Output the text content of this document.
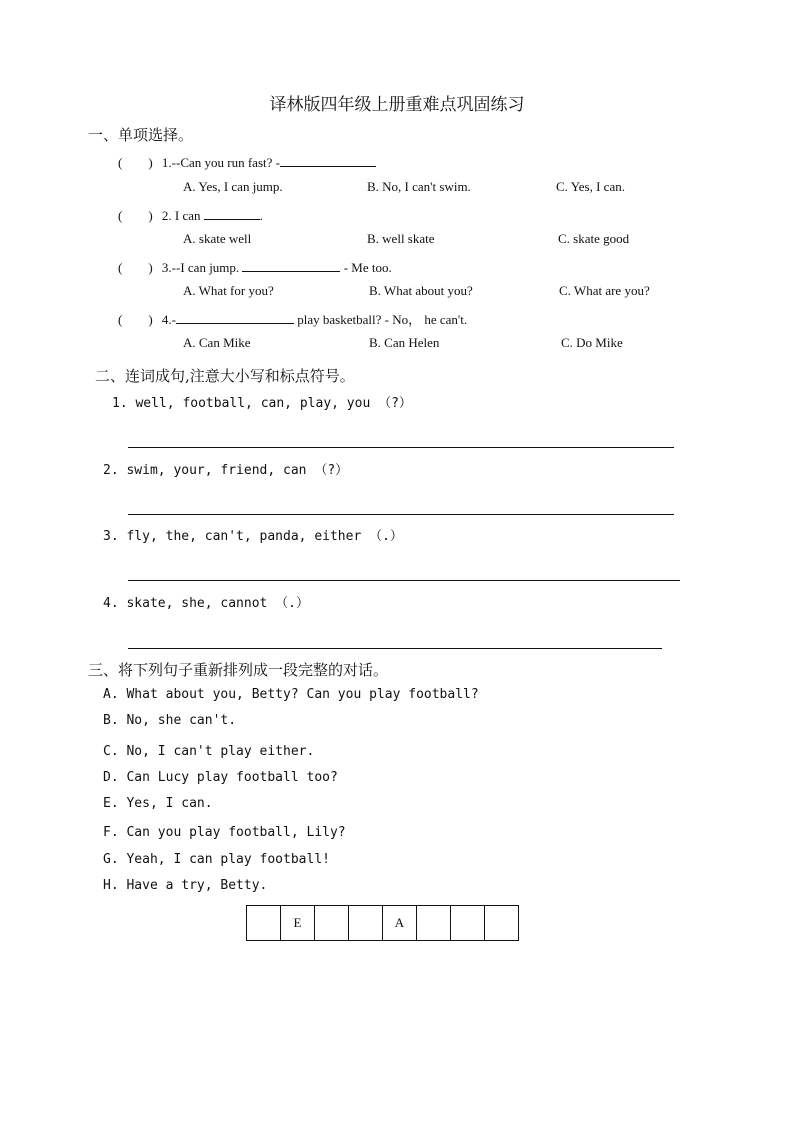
译林版四年级上册重难点巩固练习
一、单项选择。
(　　) 1.--Can you run fast? -
A. Yes, I can jump.	B. No, I can't swim.	C. Yes, I can.
(　　) 2. I can	.
A. skate well	B. well skate	C. skate good
(　　) 3.--I can jump.	- Me too.
A. What for you?	B. What about you?	C. What are you?
(　　) 4.-	play basketball? - No， he can't.
A. Can Mike	B. Can Helen	C. Do Mike
二、连词成句,注意大小写和标点符号。
1. well, football, can, play, you （?）
2. swim, your, friend, can （?）
3. fly, the, can't, panda, either （.）
4. skate, she, cannot （.）
三、将下列句子重新排列成一段完整的对话。
A. What about you, Betty? Can you play football?
B. No, she can't.
C. No, I can't play either.
D. Can Lucy play football too?
E. Yes, I can.
F. Can you play football, Lily?
G. Yeah, I can play football!
H. Have a try, Betty.
	E			A			
